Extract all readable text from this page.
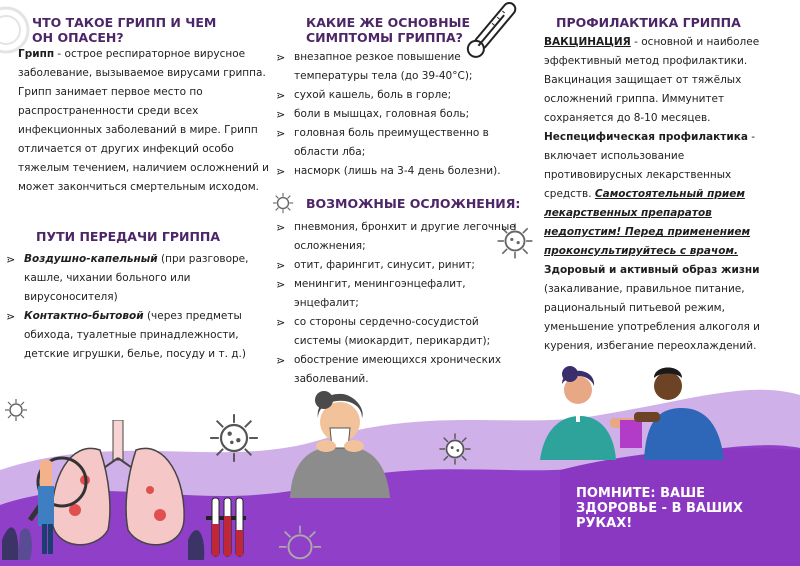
ЧТО ТАКОЕ ГРИПП И ЧЕМ ОН ОПАСЕН?
Грипп - острое респираторное вирусное заболевание, вызываемое вирусами гриппа. Грипп занимает первое место по распространенности среди всех инфекционных заболеваний в мире. Грипп отличается от других инфекций особо тяжелым течением, наличием осложнений и может закончиться смертельным исходом.
ПУТИ ПЕРЕДАЧИ ГРИППА
⋗ Воздушно-капельный (при разговоре, кашле, чихании больного или вирусоносителя)
⋗ Контактно-бытовой (через предметы обихода, туалетные принадлежности, детские игрушки, белье, посуду и т. д.)
КАКИЕ ЖЕ ОСНОВНЫЕ СИМПТОМЫ ГРИППА?
⋗ внезапное резкое повышение температуры тела (до 39-40°С);
⋗ сухой кашель, боль в горле;
⋗ боли в мышцах, головная боль;
⋗ головная боль преимущественно в области лба;
⋗ насморк (лишь на 3-4 день болезни).
ВОЗМОЖНЫЕ ОСЛОЖНЕНИЯ:
⋗ пневмония, бронхит и другие легочные осложнения;
⋗ отит, фарингит, синусит, ринит;
⋗ менингит, менингоэнцефалит, энцефалит;
⋗ со стороны сердечно-сосудистой системы (миокардит, перикардит);
⋗ обострение имеющихся хронических заболеваний.
ПРОФИЛАКТИКА ГРИППА
ВАКЦИНАЦИЯ - основной и наиболее эффективный метод профилактики. Вакцинация защищает от тяжёлых осложнений гриппа. Иммунитет сохраняется до 8-10 месяцев.
Неспецифическая профилактика - включает использование противовирусных лекарственных средств. Самостоятельный прием лекарственных препаратов недопустим! Перед применением проконсультируйтесь с врачом.
Здоровый и активный образ жизни (закаливание, правильное питание, рациональный питьевой режим, уменьшение употребления алкоголя и курения, избегание переохлаждений.
ПОМНИТЕ: ВАШЕ ЗДОРОВЬЕ - В ВАШИХ РУКАХ!
